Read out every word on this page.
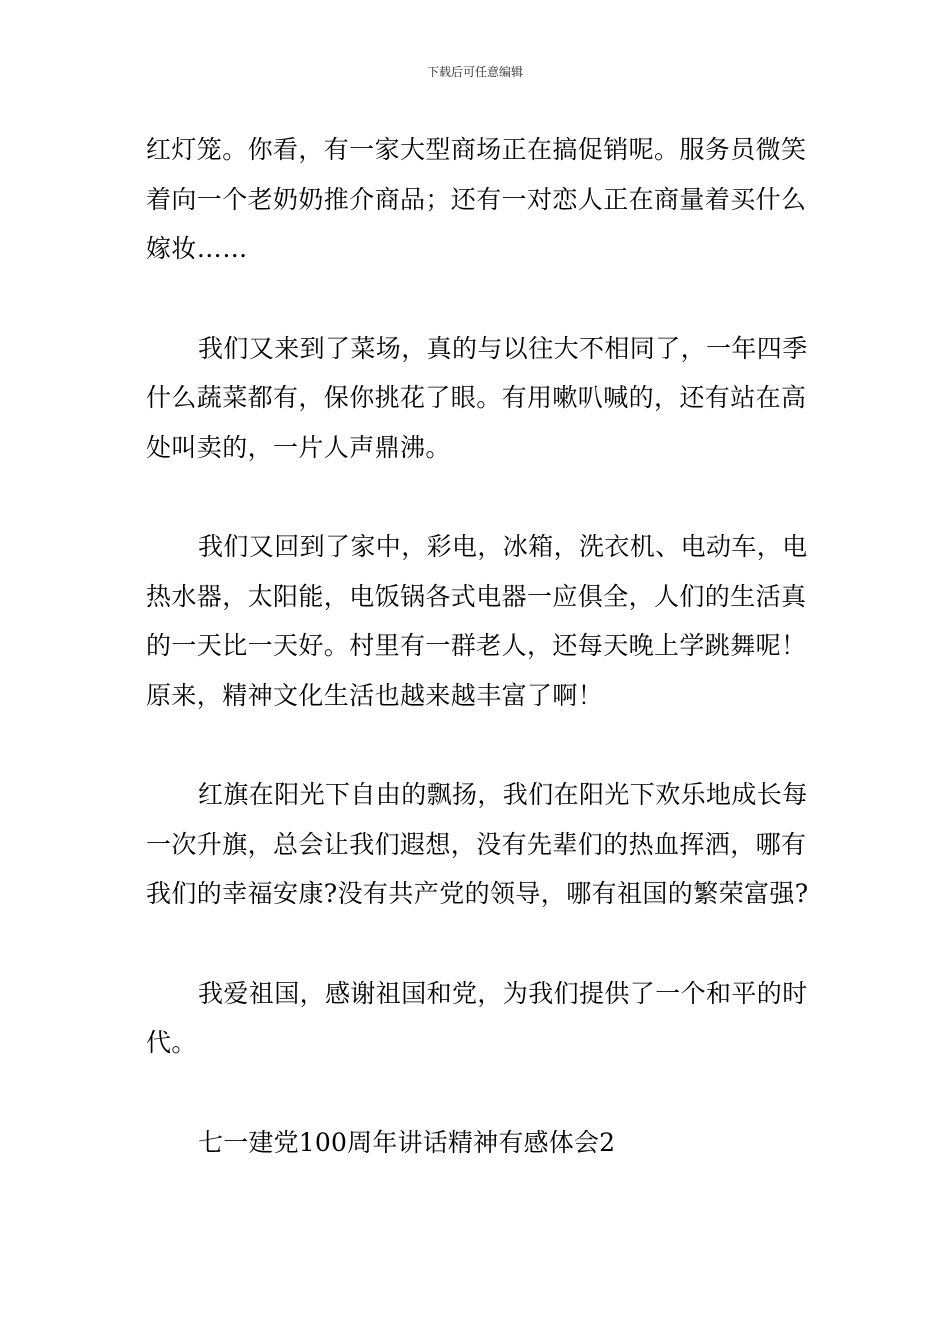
下载后可任意编辑

红灯笼。你看，有一家大型商场正在搞促销呢。服务员微笑着向一个老奶奶推介商品；还有一对恋人正在商量着买什么嫁妆……

我们又来到了菜场，真的与以往大不相同了，一年四季什么蔬菜都有，保你挑花了眼。有用嗽叭喊的，还有站在高处叫卖的，一片人声鼎沸。

我们又回到了家中，彩电，冰箱，洗衣机、电动车，电热水器，太阳能，电饭锅各式电器一应俱全，人们的生活真的一天比一天好。村里有一群老人，还每天晚上学跳舞呢！原来，精神文化生活也越来越丰富了啊！

红旗在阳光下自由的飘扬，我们在阳光下欢乐地成长每一次升旗，总会让我们遐想，没有先辈们的热血挥洒，哪有我们的幸福安康?没有共产党的领导，哪有祖国的繁荣富强?

我爱祖国，感谢祖国和党，为我们提供了一个和平的时代。

七一建党100周年讲话精神有感体会2
